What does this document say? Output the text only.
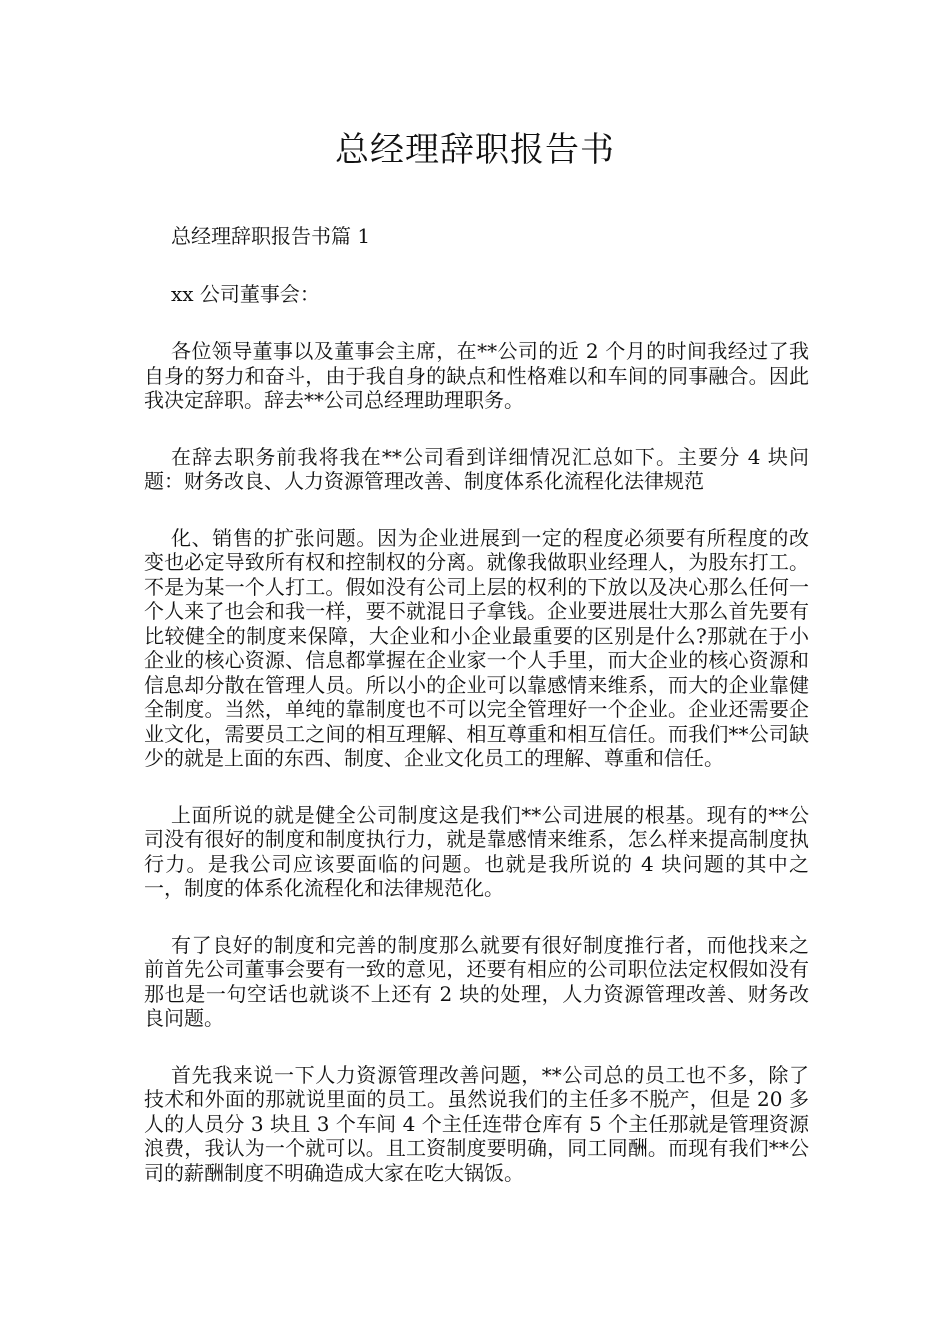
总经理辞职报告书

总经理辞职报告书篇 1

xx 公司董事会：

各位领导董事以及董事会主席，在**公司的近 2 个月的时间我经过了我自身的努力和奋斗，由于我自身的缺点和性格难以和车间的同事融合。因此我决定辞职。辞去**公司总经理助理职务。

在辞去职务前我将我在**公司看到详细情况汇总如下。主要分 4 块问题：财务改良、人力资源管理改善、制度体系化流程化法律规范

化、销售的扩张问题。因为企业进展到一定的程度必须要有所程度的改变也必定导致所有权和控制权的分离。就像我做职业经理人，为股东打工。不是为某一个人打工。假如没有公司上层的权利的下放以及决心那么任何一个人来了也会和我一样，要不就混日子拿钱。企业要进展壮大那么首先要有比较健全的制度来保障，大企业和小企业最重要的区别是什么?那就在于小企业的核心资源、信息都掌握在企业家一个人手里，而大企业的核心资源和信息却分散在管理人员。所以小的企业可以靠感情来维系，而大的企业靠健全制度。当然，单纯的靠制度也不可以完全管理好一个企业。企业还需要企业文化，需要员工之间的相互理解、相互尊重和相互信任。而我们**公司缺少的就是上面的东西、制度、企业文化员工的理解、尊重和信任。

上面所说的就是健全公司制度这是我们**公司进展的根基。现有的**公司没有很好的制度和制度执行力，就是靠感情来维系，怎么样来提高制度执行力。是我公司应该要面临的问题。也就是我所说的 4 块问题的其中之一，制度的体系化流程化和法律规范化。

有了良好的制度和完善的制度那么就要有很好制度推行者，而他找来之前首先公司董事会要有一致的意见，还要有相应的公司职位法定权假如没有那也是一句空话也就谈不上还有 2 块的处理，人力资源管理改善、财务改良问题。

首先我来说一下人力资源管理改善问题，**公司总的员工也不多，除了技术和外面的那就说里面的员工。虽然说我们的主任多不脱产，但是 20 多人的人员分 3 块且 3 个车间 4 个主任连带仓库有 5 个主任那就是管理资源浪费，我认为一个就可以。且工资制度要明确，同工同酬。而现有我们**公司的薪酬制度不明确造成大家在吃大锅饭。
